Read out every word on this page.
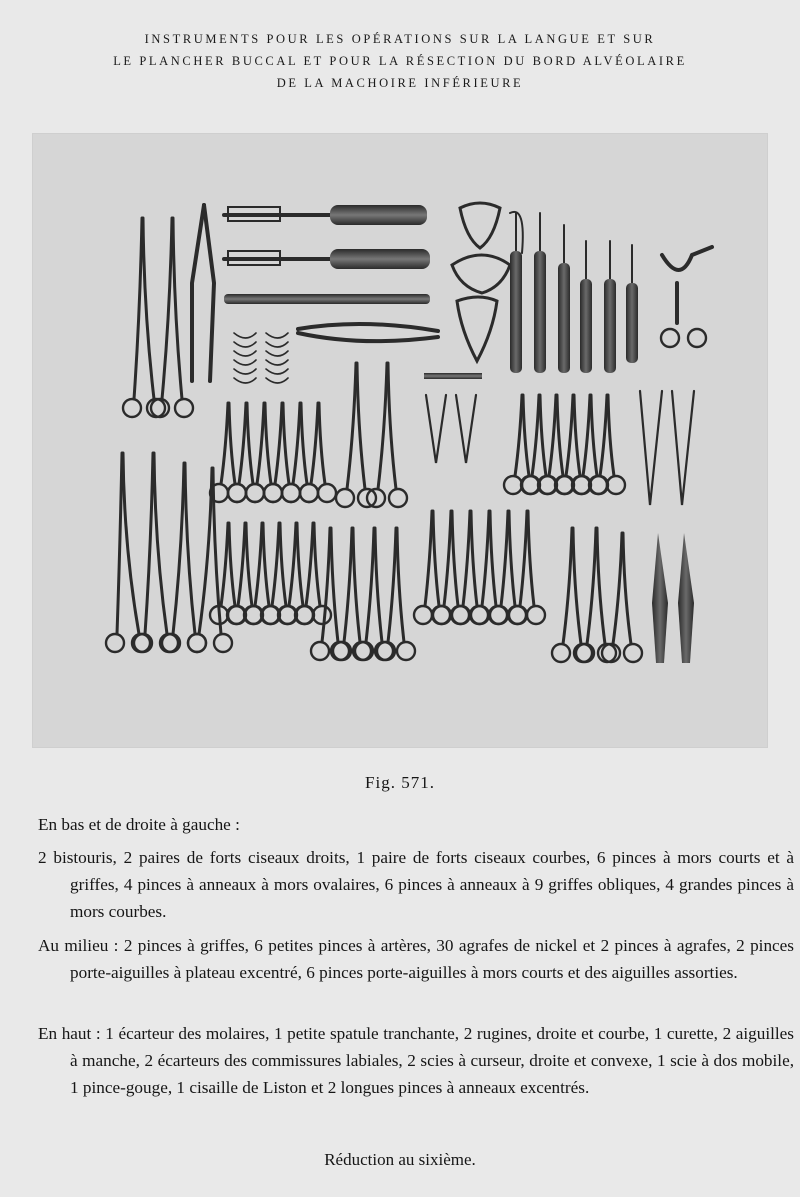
INSTRUMENTS POUR LES OPÉRATIONS SUR LA LANGUE ET SUR
LE PLANCHER BUCCAL ET POUR LA RÉSECTION DU BORD ALVÉOLAIRE
DE LA MACHOIRE INFÉRIEURE
Fig. 571.
En bas et de droite à gauche :
2 bistouris, 2 paires de forts ciseaux droits, 1 paire de forts ciseaux courbes, 6 pinces à mors courts et à griffes, 4 pinces à anneaux à mors ovalaires, 6 pinces à anneaux à 9 griffes obliques, 4 grandes pinces à mors courbes.
Au milieu : 2 pinces à griffes, 6 petites pinces à artères, 30 agrafes de nickel et 2 pinces à agrafes, 2 pinces porte-aiguilles à plateau excentré, 6 pinces porte-aiguilles à mors courts et des aiguilles assorties.
En haut : 1 écarteur des molaires, 1 petite spatule tranchante, 2 rugines, droite et courbe, 1 curette, 2 aiguilles à manche, 2 écarteurs des commissures labiales, 2 scies à curseur, droite et convexe, 1 scie à dos mobile, 1 pince-gouge, 1 cisaille de Liston et 2 longues pinces à anneaux excentrés.
Réduction au sixième.
